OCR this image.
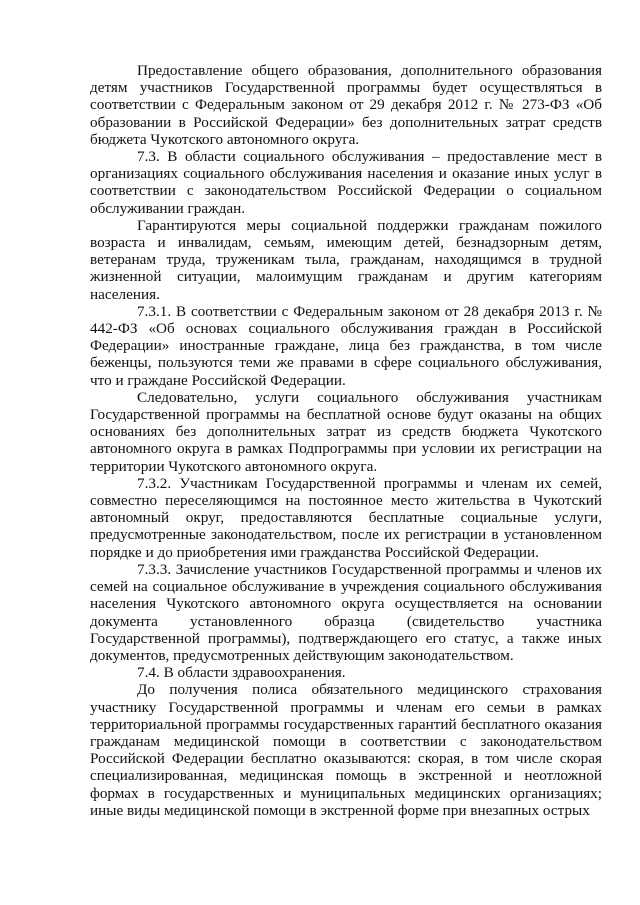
Предоставление общего образования, дополнительного образования детям участников Государственной программы будет осуществляться в соответствии с Федеральным законом от 29 декабря 2012 г. № 273-ФЗ «Об образовании в Российской Федерации» без дополнительных затрат средств бюджета Чукотского автономного округа.

7.3. В области социального обслуживания – предоставление мест в организациях социального обслуживания населения и оказание иных услуг в соответствии с законодательством Российской Федерации о социальном обслуживании граждан.

Гарантируются меры социальной поддержки гражданам пожилого возраста и инвалидам, семьям, имеющим детей, безнадзорным детям, ветеранам труда, труженикам тыла, гражданам, находящимся в трудной жизненной ситуации, малоимущим гражданам и другим категориям населения.

7.3.1. В соответствии с Федеральным законом от 28 декабря 2013 г. № 442-ФЗ «Об основах социального обслуживания граждан в Российской Федерации» иностранные граждане, лица без гражданства, в том числе беженцы, пользуются теми же правами в сфере социального обслуживания, что и граждане Российской Федерации.

Следовательно, услуги социального обслуживания участникам Государственной программы на бесплатной основе будут оказаны на общих основаниях без дополнительных затрат из средств бюджета Чукотского автономного округа в рамках Подпрограммы при условии их регистрации на территории Чукотского автономного округа.

7.3.2. Участникам Государственной программы и членам их семей, совместно переселяющимся на постоянное место жительства в Чукотский автономный округ, предоставляются бесплатные социальные услуги, предусмотренные законодательством, после их регистрации в установленном порядке и до приобретения ими гражданства Российской Федерации.

7.3.3. Зачисление участников Государственной программы и членов их семей на социальное обслуживание в учреждения социального обслуживания населения Чукотского автономного округа осуществляется на основании документа установленного образца (свидетельство участника Государственной программы), подтверждающего его статус, а также иных документов, предусмотренных действующим законодательством.

7.4. В области здравоохранения.

До получения полиса обязательного медицинского страхования участнику Государственной программы и членам его семьи в рамках территориальной программы государственных гарантий бесплатного оказания гражданам медицинской помощи в соответствии с законодательством Российской Федерации бесплатно оказываются: скорая, в том числе скорая специализированная, медицинская помощь в экстренной и неотложной формах в государственных и муниципальных медицинских организациях; иные виды медицинской помощи в экстренной форме при внезапных острых
